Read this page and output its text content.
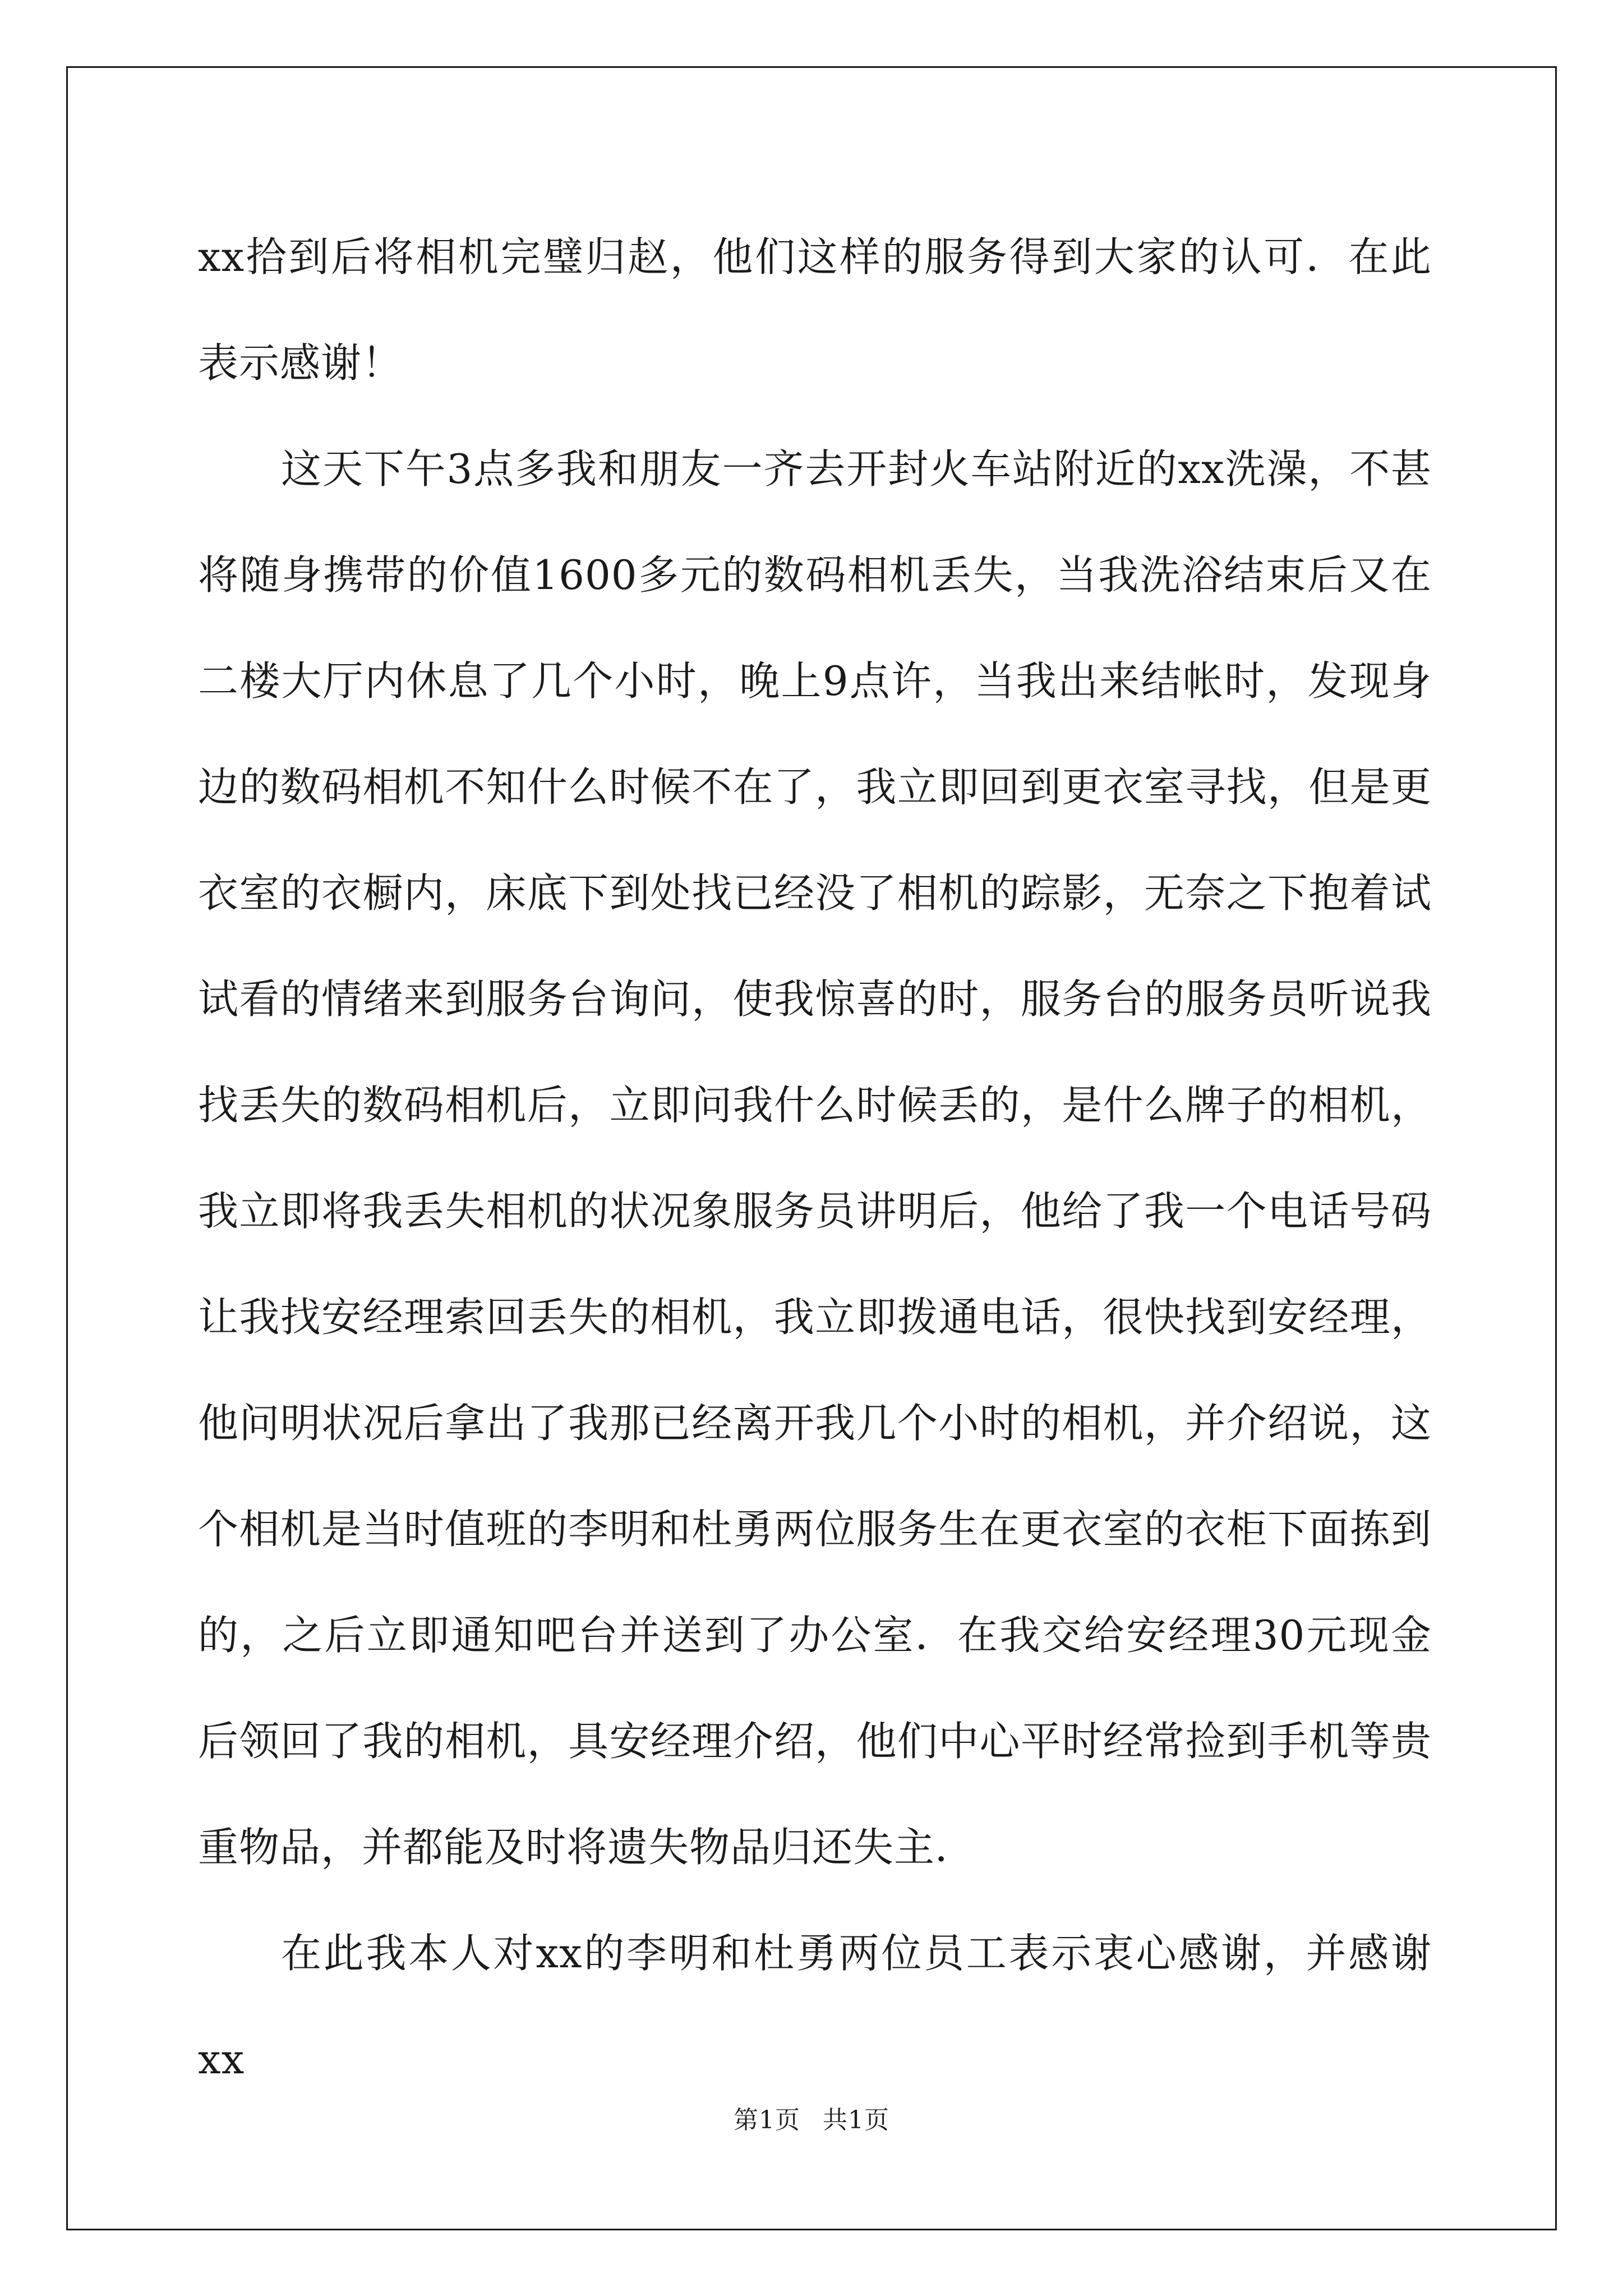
xx拾到后将相机完璧归赵，他们这样的服务得到大家的认可．在此表示感谢！

这天下午3点多我和朋友一齐去开封火车站附近的xx洗澡，不甚将随身携带的价值1600多元的数码相机丢失，当我洗浴结束后又在二楼大厅内休息了几个小时，晚上9点许，当我出来结帐时，发现身边的数码相机不知什么时候不在了，我立即回到更衣室寻找，但是更衣室的衣橱内，床底下到处找已经没了相机的踪影，无奈之下抱着试试看的情绪来到服务台询问，使我惊喜的时，服务台的服务员听说我找丢失的数码相机后，立即问我什么时候丢的，是什么牌子的相机，我立即将我丢失相机的状况象服务员讲明后，他给了我一个电话号码让我找安经理索回丢失的相机，我立即拨通电话，很快找到安经理，他问明状况后拿出了我那已经离开我几个小时的相机，并介绍说，这个相机是当时值班的李明和杜勇两位服务生在更衣室的衣柜下面拣到的，之后立即通知吧台并送到了办公室．在我交给安经理30元现金后领回了我的相机，具安经理介绍，他们中心平时经常捡到手机等贵重物品，并都能及时将遗失物品归还失主．

在此我本人对xx的李明和杜勇两位员工表示衷心感谢，并感谢xx

第1页 共1页
